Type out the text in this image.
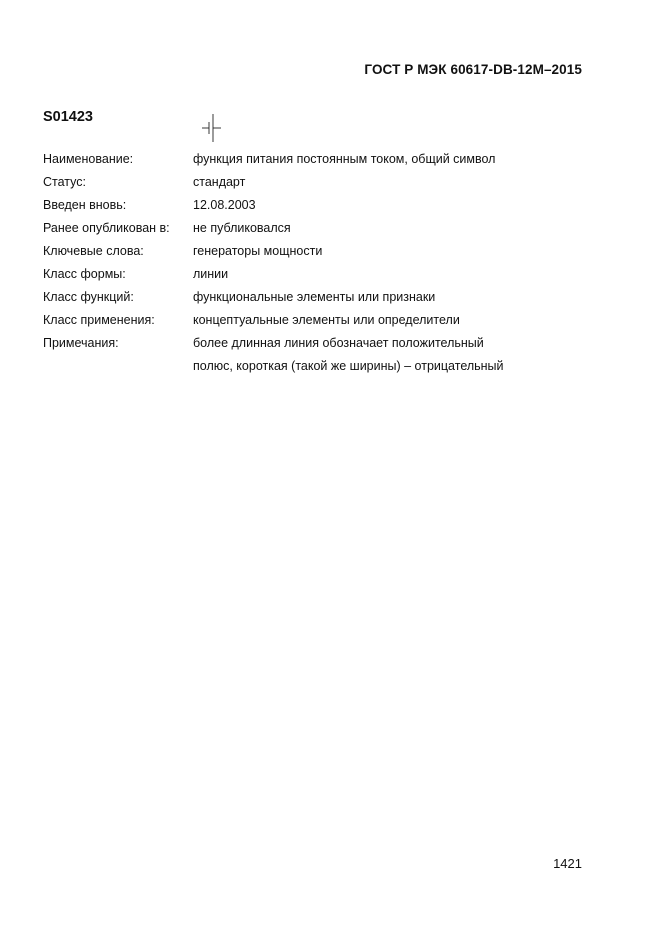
ГОСТ Р МЭК 60617-DB-12M–2015
S01423
Наименование:	функция питания постоянным током, общий символ
Статус:	стандарт
Введен вновь:	12.08.2003
Ранее опубликован в:	не публиковался
Ключевые слова:	генераторы мощности
Класс формы:	линии
Класс функций:	функциональные элементы или признаки
Класс применения:	концептуальные элементы или определители
Примечания:	более длинная линия обозначает положительный
полюс, короткая (такой же ширины) – отрицательный
1421
